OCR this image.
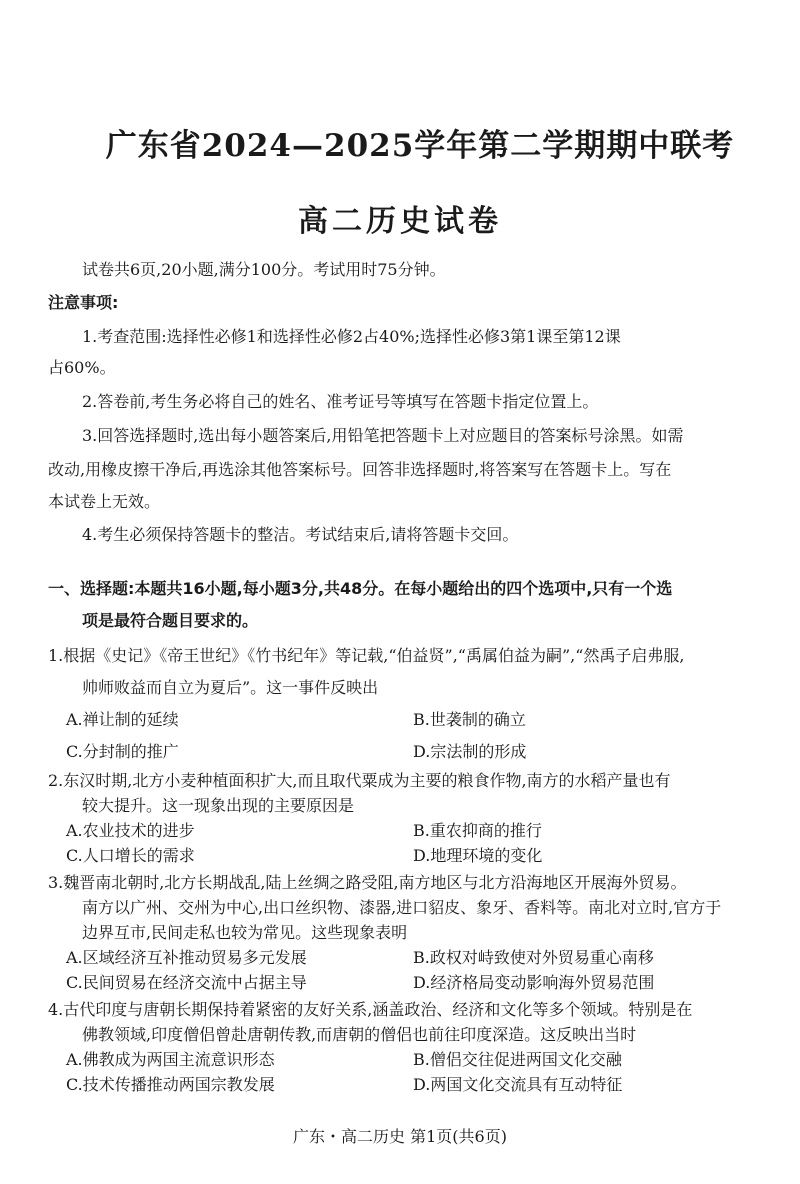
广东省2024—2025学年第二学期期中联考
高二历史试卷
试卷共6页,20小题,满分100分。考试用时75分钟。
注意事项:
1.考查范围:选择性必修1和选择性必修2占40%;选择性必修3第1课至第12课
占60%。
2.答卷前,考生务必将自己的姓名、准考证号等填写在答题卡指定位置上。
3.回答选择题时,选出每小题答案后,用铅笔把答题卡上对应题目的答案标号涂黑。如需
改动,用橡皮擦干净后,再选涂其他答案标号。回答非选择题时,将答案写在答题卡上。写在
本试卷上无效。
4.考生必须保持答题卡的整洁。考试结束后,请将答题卡交回。
一、选择题:本题共16小题,每小题3分,共48分。在每小题给出的四个选项中,只有一个选
项是最符合题目要求的。
1.根据《史记》《帝王世纪》《竹书纪年》等记载,“伯益贤”,“禹属伯益为嗣”,“然禹子启弗服,
帅师败益而自立为夏后”。这一事件反映出
A.禅让制的延续	B.世袭制的确立
C.分封制的推广	D.宗法制的形成
2.东汉时期,北方小麦种植面积扩大,而且取代粟成为主要的粮食作物,南方的水稻产量也有
较大提升。这一现象出现的主要原因是
A.农业技术的进步	B.重农抑商的推行
C.人口增长的需求	D.地理环境的变化
3.魏晋南北朝时,北方长期战乱,陆上丝绸之路受阻,南方地区与北方沿海地区开展海外贸易。
南方以广州、交州为中心,出口丝织物、漆器,进口貂皮、象牙、香料等。南北对立时,官方于
边界互市,民间走私也较为常见。这些现象表明
A.区域经济互补推动贸易多元发展	B.政权对峙致使对外贸易重心南移
C.民间贸易在经济交流中占据主导	D.经济格局变动影响海外贸易范围
4.古代印度与唐朝长期保持着紧密的友好关系,涵盖政治、经济和文化等多个领域。特别是在
佛教领域,印度僧侣曾赴唐朝传教,而唐朝的僧侣也前往印度深造。这反映出当时
广东・高二历史 第1页(共6页)
A.佛教成为两国主流意识形态	B.僧侣交往促进两国文化交融
C.技术传播推动两国宗教发展	D.两国文化交流具有互动特征
